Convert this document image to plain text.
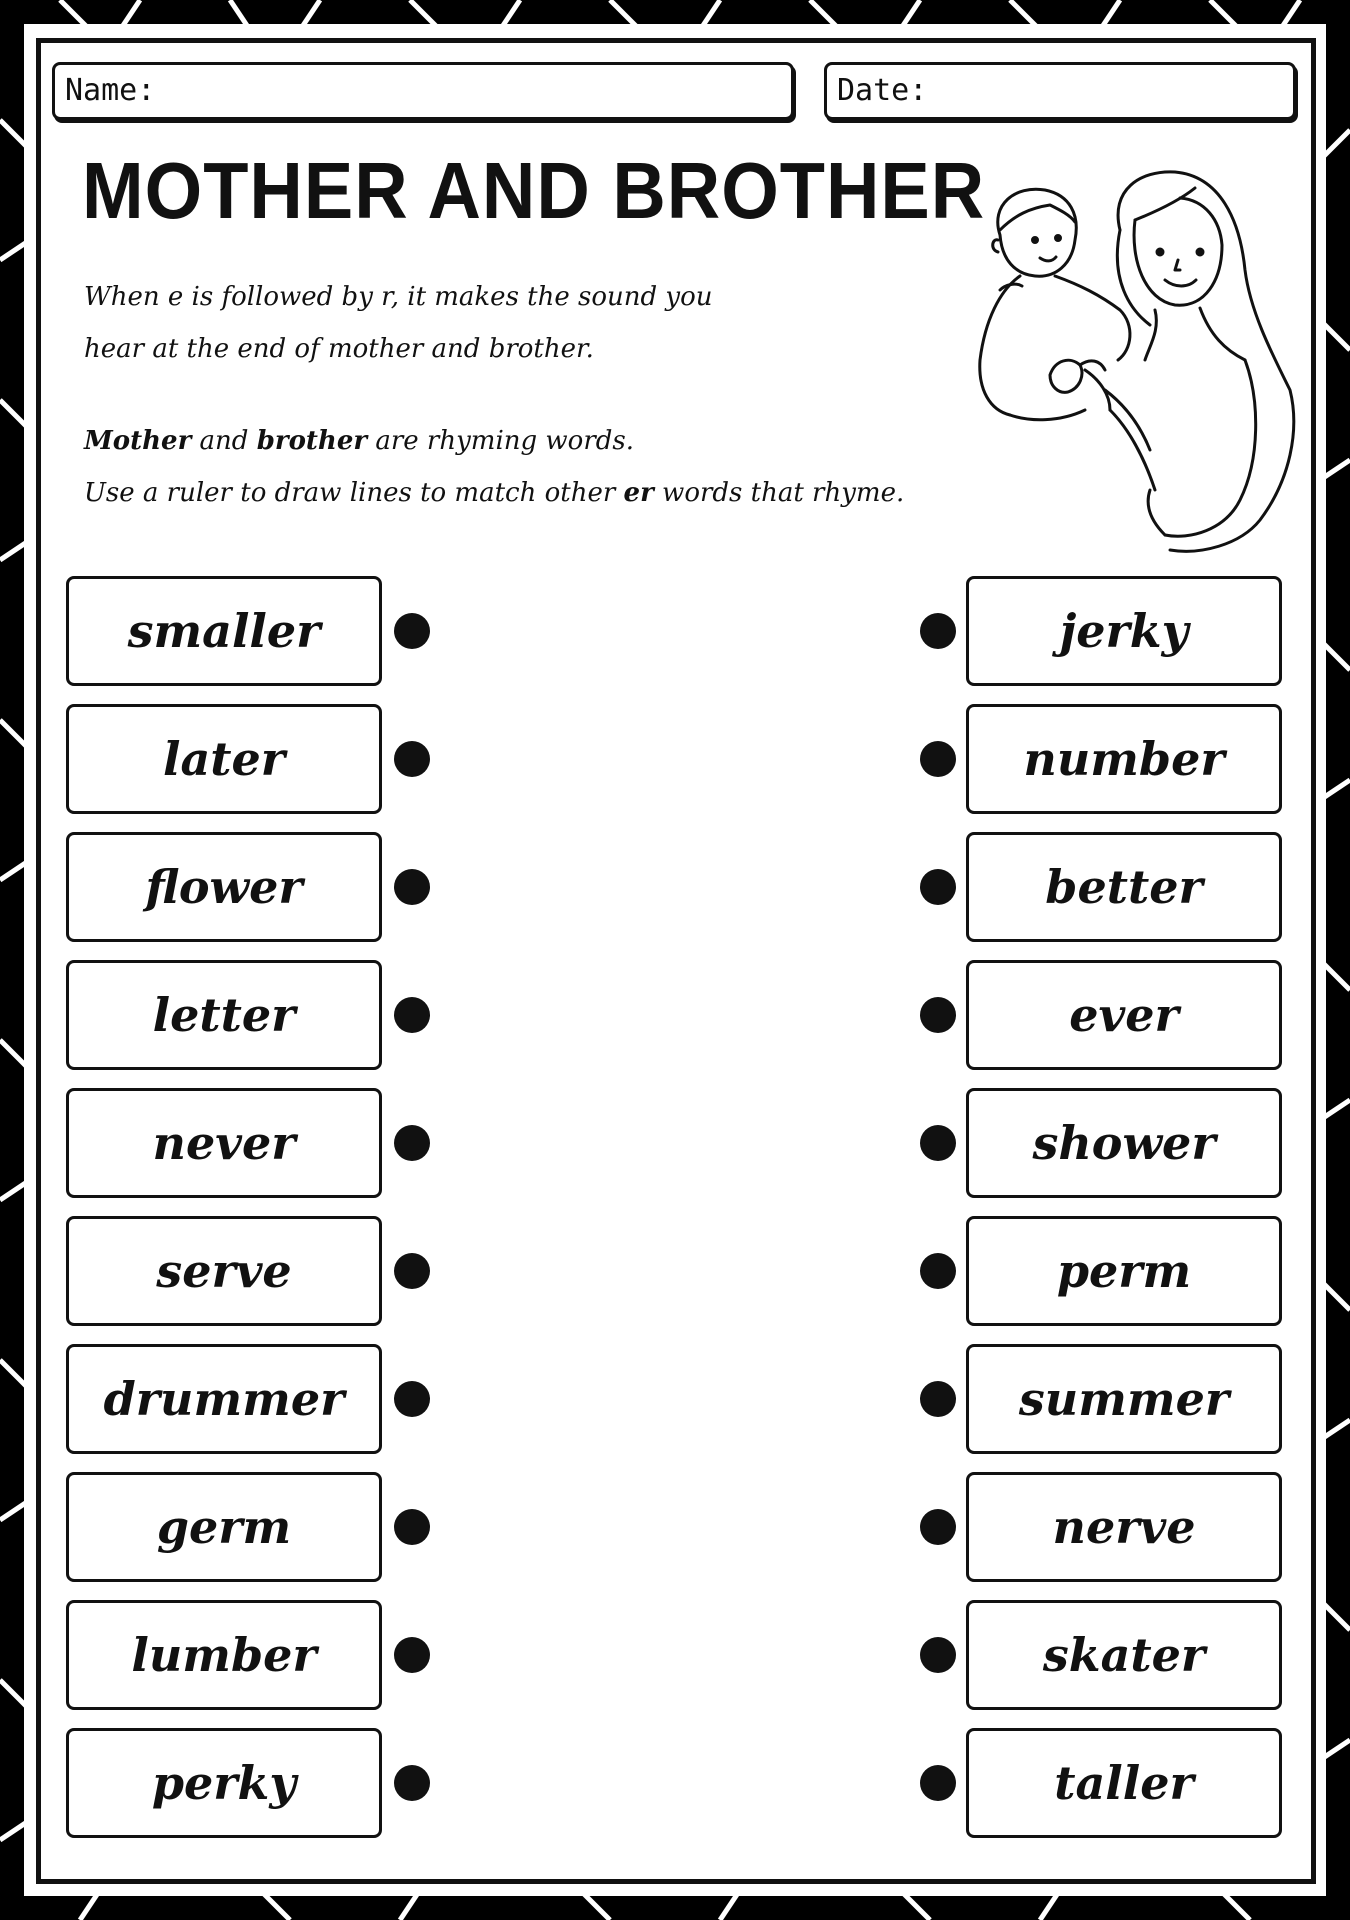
Name:	Date:
MOTHER AND BROTHER
When e is followed by r, it makes the sound you
hear at the end of mother and brother.
Mother and brother are rhyming words.
Use a ruler to draw lines to match other er words that rhyme.
smaller
later
flower
letter
never
serve
drummer
germ
lumber
perky
jerky
number
better
ever
shower
perm
summer
nerve
skater
taller
